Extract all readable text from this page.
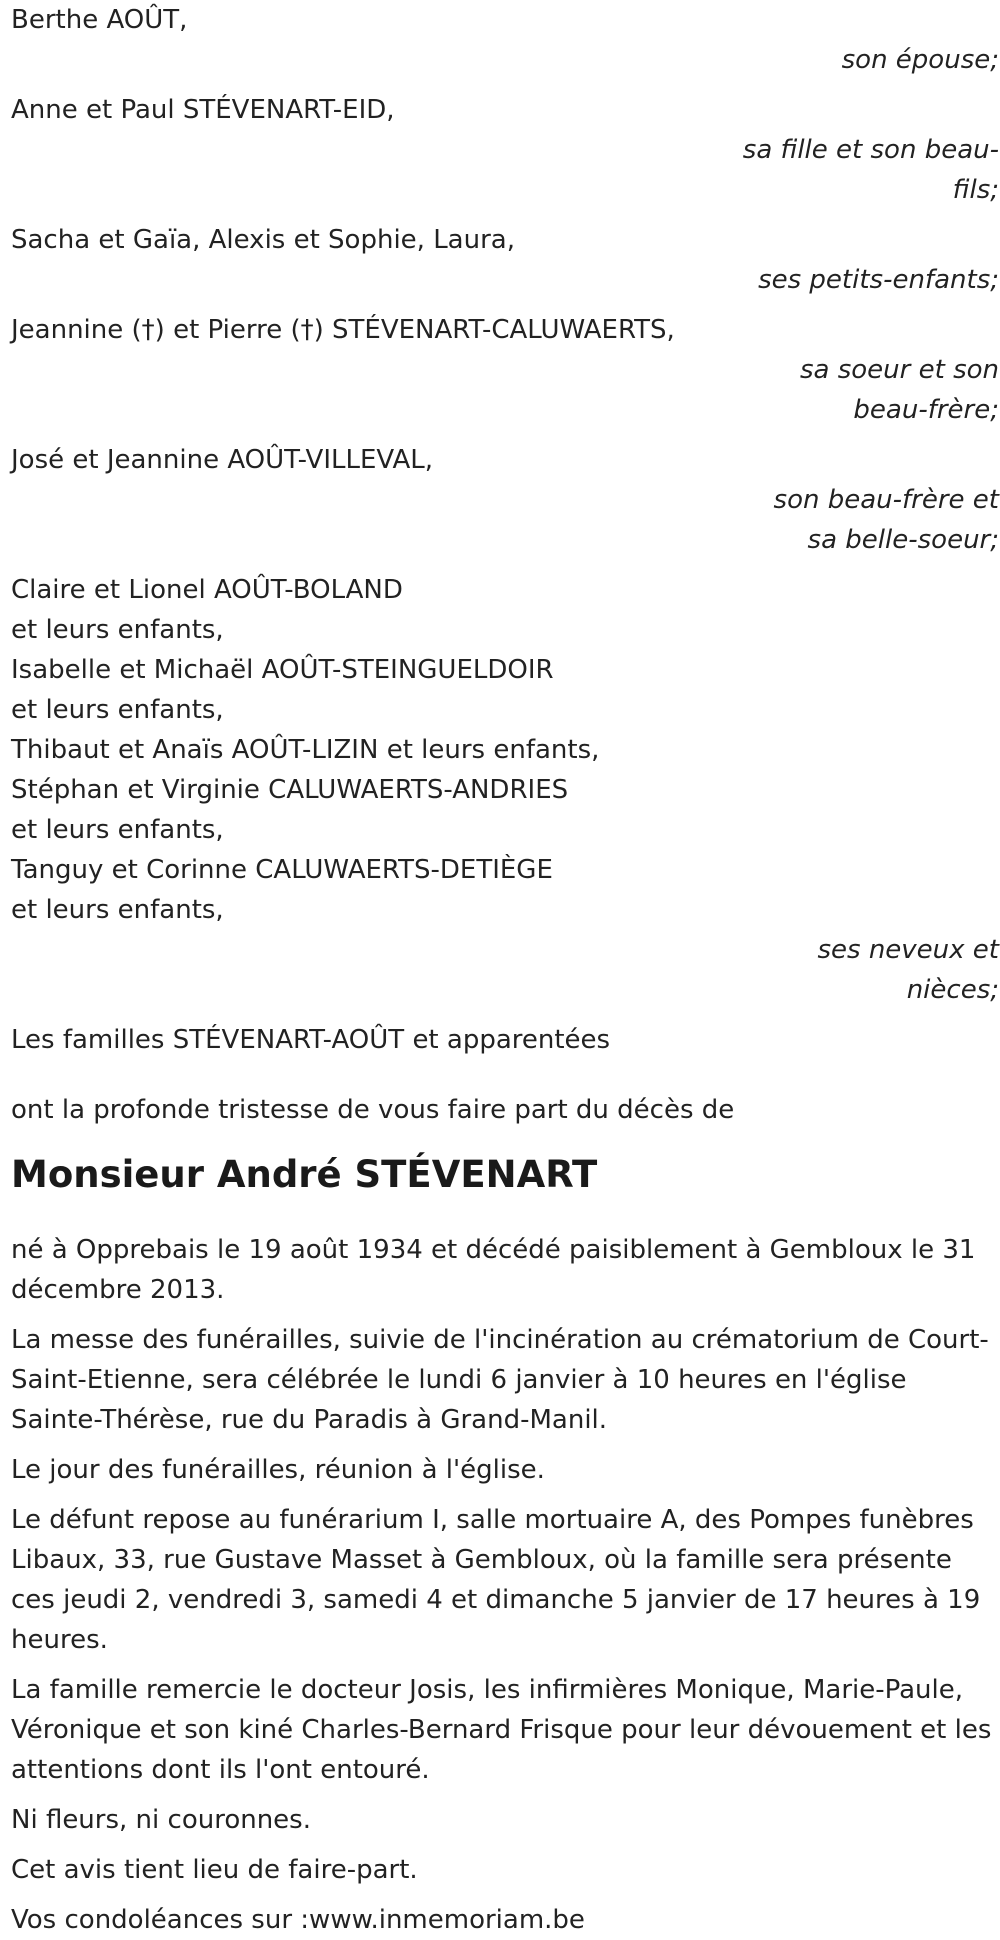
Berthe AOÛT,
son épouse;
Anne et Paul STÉVENART-EID,
sa fille et son beau-fils;
Sacha et Gaïa, Alexis et Sophie, Laura,
ses petits-enfants;
Jeannine (†) et Pierre (†) STÉVENART-CALUWAERTS,
sa soeur et son beau-frère;
José et Jeannine AOÛT-VILLEVAL,
son beau-frère et sa belle-soeur;
Claire et Lionel AOÛT-BOLAND
et leurs enfants,
Isabelle et Michaël AOÛT-STEINGUELDOIR
et leurs enfants,
Thibaut et Anaïs AOÛT-LIZIN et leurs enfants,
Stéphan et Virginie CALUWAERTS-ANDRIES
et leurs enfants,
Tanguy et Corinne CALUWAERTS-DETIÈGE
et leurs enfants,
ses neveux et nièces;
Les familles STÉVENART-AOÛT et apparentées
ont la profonde tristesse de vous faire part du décès de
Monsieur André STÉVENART
né à Opprebais le 19 août 1934 et décédé paisiblement à Gembloux le 31 décembre 2013.
La messe des funérailles, suivie de l'incinération au crématorium de Court-Saint-Etienne, sera célébrée le lundi 6 janvier à 10 heures en l'église Sainte-Thérèse, rue du Paradis à Grand-Manil.
Le jour des funérailles, réunion à l'église.
Le défunt repose au funérarium I, salle mortuaire A, des Pompes funèbres Libaux, 33, rue Gustave Masset à Gembloux, où la famille sera présente ces jeudi 2, vendredi 3, samedi 4 et dimanche 5 janvier de 17 heures à 19 heures.
La famille remercie le docteur Josis, les infirmières Monique, Marie-Paule, Véronique et son kiné Charles-Bernard Frisque pour leur dévouement et les attentions dont ils l'ont entouré.
Ni fleurs, ni couronnes.
Cet avis tient lieu de faire-part.
Vos condoléances sur :www.inmemoriam.be
